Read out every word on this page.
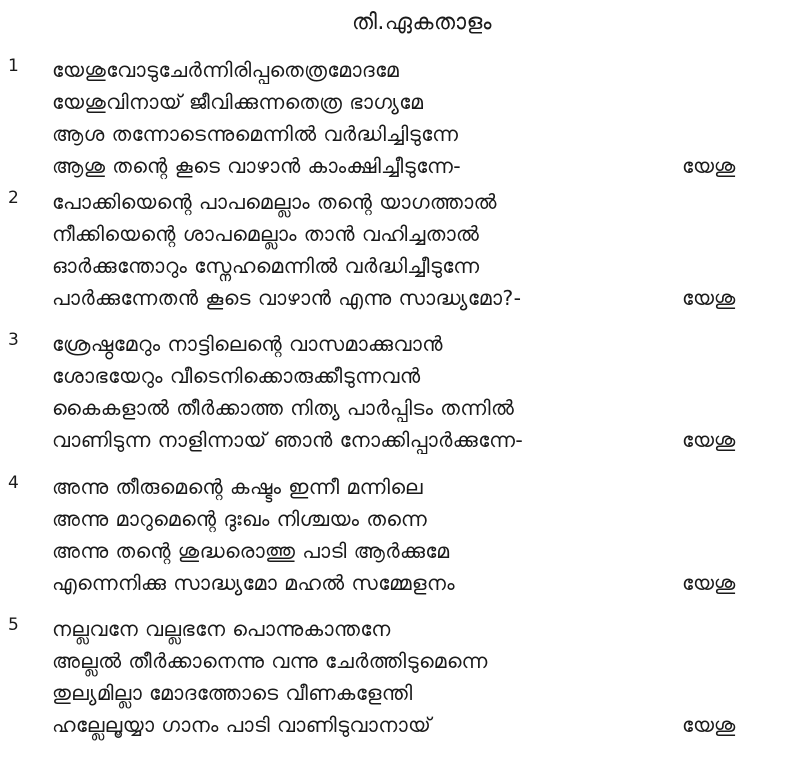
തി.ഏകതാളം
1 യേശുവോടുചേർന്നിരിപ്പതെത്രമോദമേ
യേശുവിനായ് ജീവിക്കുന്നതെത്ര ഭാഗ്യമേ
ആശ തന്നോടെന്നുമെന്നിൽ വർദ്ധിച്ചിടുന്നേ
ആശു തന്റെ കൂടെ വാഴാൻ കാംക്ഷിച്ചീടുന്നേ-	യേശു
2 പോക്കിയെന്റെ പാപമെല്ലാം തന്റെ യാഗത്താൽ
നീക്കിയെന്റെ ശാപമെല്ലാം താൻ വഹിച്ചതാൽ
ഓർക്കുന്തോറും സ്നേഹമെന്നിൽ വർദ്ധിച്ചീടുന്നേ
പാർക്കുന്നേതൻ കൂടെ വാഴാൻ എന്നു സാദ്ധ്യമോ?-	യേശു
3 ശ്രേഷ്ഠമേറും നാട്ടിലെന്റെ വാസമാക്കുവാൻ
ശോഭയേറും വീടെനിക്കൊരുക്കീടുന്നവൻ
കൈകളാൽ തീർക്കാത്ത നിത്യ പാർപ്പിടം തന്നിൽ
വാണിടുന്ന നാളിന്നായ് ഞാൻ നോക്കിപ്പാർക്കുന്നേ-	യേശു
4 അന്നു തീരുമെന്റെ കഷ്ടം ഇന്നീ മന്നിലെ
അന്നു മാറുമെന്റെ ദുഃഖം നിശ്ചയം തന്നെ
അന്നു തന്റെ ശുദ്ധരൊത്തു പാടി ആർക്കുമേ
എന്നെനിക്കു സാദ്ധ്യമോ മഹൽ സമ്മേളനം	യേശു
5 നല്ലവനേ വല്ലഭനേ പൊന്നുകാന്തനേ
അല്ലൽ തീർക്കാനെന്നു വന്നു ചേർത്തിടുമെന്നെ
തുല്യമില്ലാ മോദത്തോടെ വീണകളേന്തി
ഹല്ലേലൂയ്യാ ഗാനം പാടി വാണിടുവാനായ്	യേശു
